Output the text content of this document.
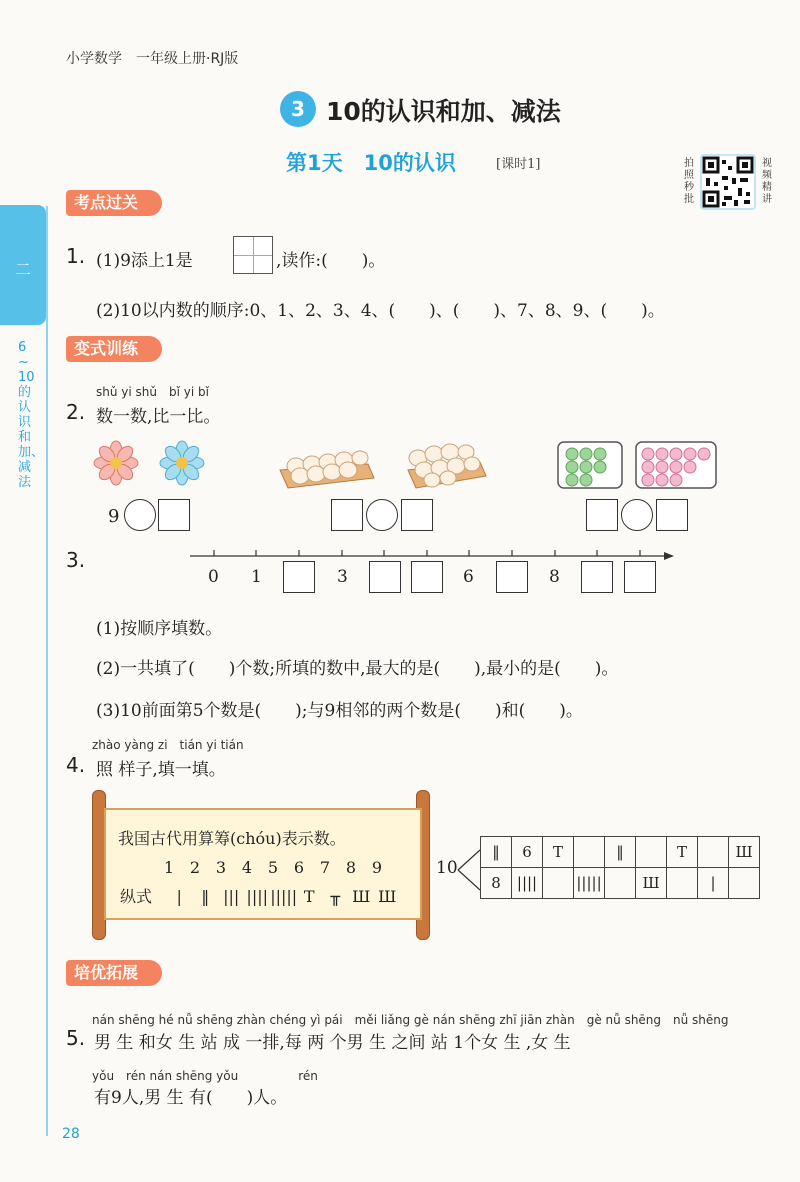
小学数学　一年级上册·RJ版
3 10的认识和加、减法
第1天　10的认识	[课时1]	拍照秒批
视频精讲
二
6~10的认识和加、减法
考点过关
1. (1)9添上1是	,读作:(　　)。
(2)10以内数的顺序:0、1、2、3、4、(　　)、(　　)、7、8、9、(　　)。
变式训练
shǔ yi shǔ　bǐ yi bǐ
2. 数一数,比一比。
9
3.
0 1	3	6	8
(1)按顺序填数。
(2)一共填了(　　)个数;所填的数中,最大的是(　　),最小的是(　　)。
(3)10前面第5个数是(　　);与9相邻的两个数是(　　)和(　　)。
zhào yàng zi　tián yi tián
4. 照 样子,填一填。
我国古代用算筹(chóu)表示数。
1 2 3 4 5 6 7 8 9
纵式 | ‖ ||| |||| ||||| T ╥ Ш Ш
10
‖	6	T		‖		T		Ш
8	||||		|||||		Ш		|	
培优拓展
nán shēng hé nǚ shēng zhàn chéng yì pái　měi liǎng gè nán shēng zhī jiān zhàn　gè nǚ shēng　nǚ shēng
5. 男 生 和女 生 站 成 一排,每 两 个男 生 之间 站 1个女 生 ,女 生
yǒu　rén nán shēng yǒu　　　　　rén
有9人,男 生 有(　　)人。
28
